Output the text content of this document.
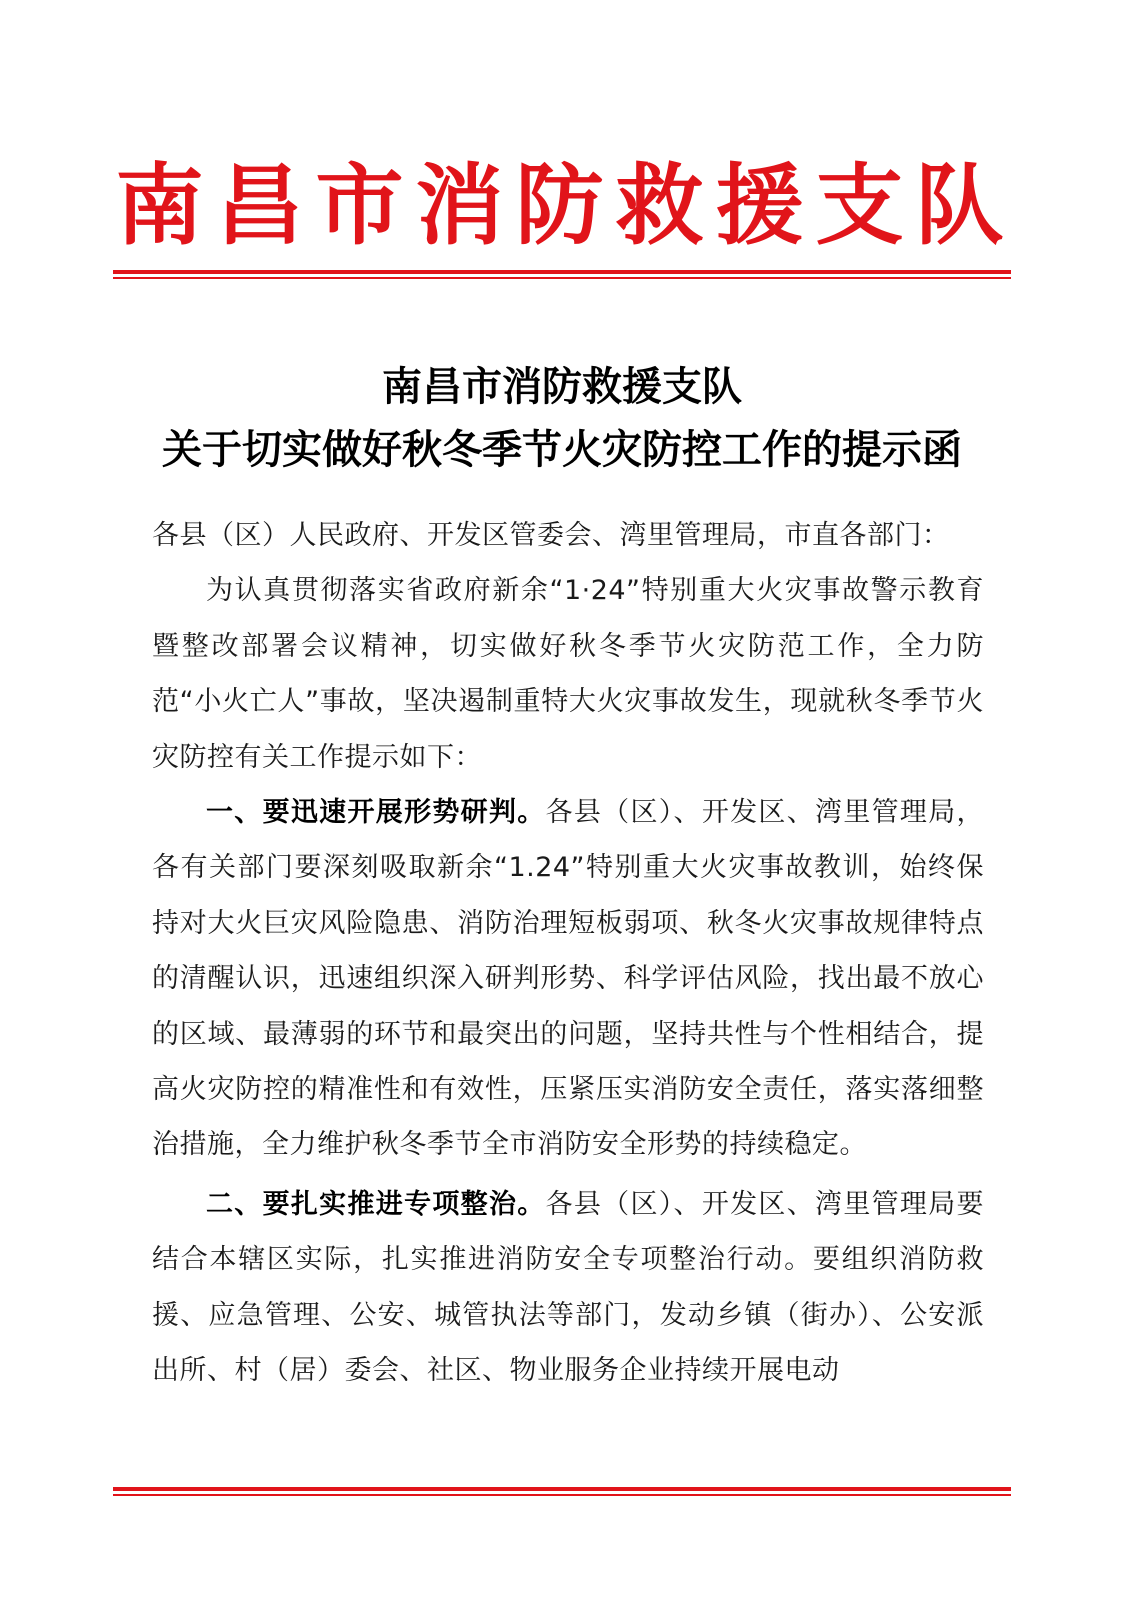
南昌市消防救援支队
南昌市消防救援支队
关于切实做好秋冬季节火灾防控工作的提示函

各县（区）人民政府、开发区管委会、湾里管理局，市直各部门：

为认真贯彻落实省政府新余“1·24”特别重大火灾事故警示教育暨整改部署会议精神，切实做好秋冬季节火灾防范工作，全力防范“小火亡人”事故，坚决遏制重特大火灾事故发生，现就秋冬季节火灾防控有关工作提示如下：

一、要迅速开展形势研判。各县（区）、开发区、湾里管理局，各有关部门要深刻吸取新余“1.24”特别重大火灾事故教训，始终保持对大火巨灾风险隐患、消防治理短板弱项、秋冬火灾事故规律特点的清醒认识，迅速组织深入研判形势、科学评估风险，找出最不放心的区域、最薄弱的环节和最突出的问题，坚持共性与个性相结合，提高火灾防控的精准性和有效性，压紧压实消防安全责任，落实落细整治措施，全力维护秋冬季节全市消防安全形势的持续稳定。

二、要扎实推进专项整治。各县（区）、开发区、湾里管理局要结合本辖区实际，扎实推进消防安全专项整治行动。要组织消防救援、应急管理、公安、城管执法等部门，发动乡镇（街办）、公安派出所、村（居）委会、社区、物业服务企业持续开展电动
